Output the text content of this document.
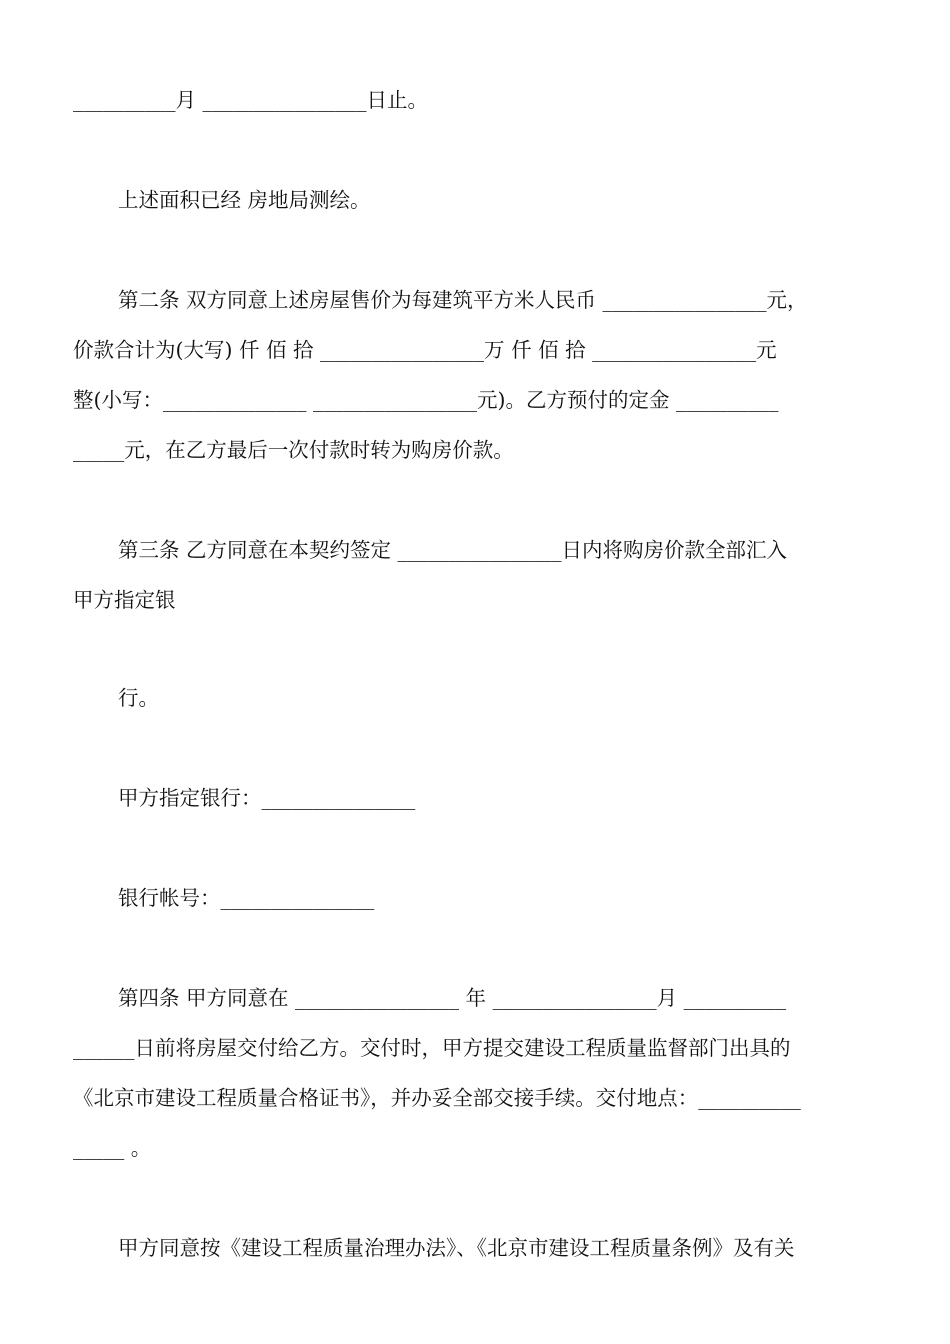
__________月 ________________日止。

上述面积已经 房地局测绘。

第二条 双方同意上述房屋售价为每建筑平方米人民币 ________________元，

价款合计为(大写) 仟 佰 拾 ________________万 仟 佰 拾 ________________元

整(小写：______________ ________________元)。乙方预付的定金 __________

_____元，在乙方最后一次付款时转为购房价款。

第三条 乙方同意在本契约签定 ________________日内将购房价款全部汇入

甲方指定银

行。

甲方指定银行：_______________

银行帐号：_______________

第四条 甲方同意在 ________________ 年 ________________月 __________

______日前将房屋交付给乙方。交付时，甲方提交建设工程质量监督部门出具的

《北京市建设工程质量合格证书》，并办妥全部交接手续。交付地点：__________

_____ 。

甲方同意按《建设工程质量治理办法》、《北京市建设工程质量条例》及有关
